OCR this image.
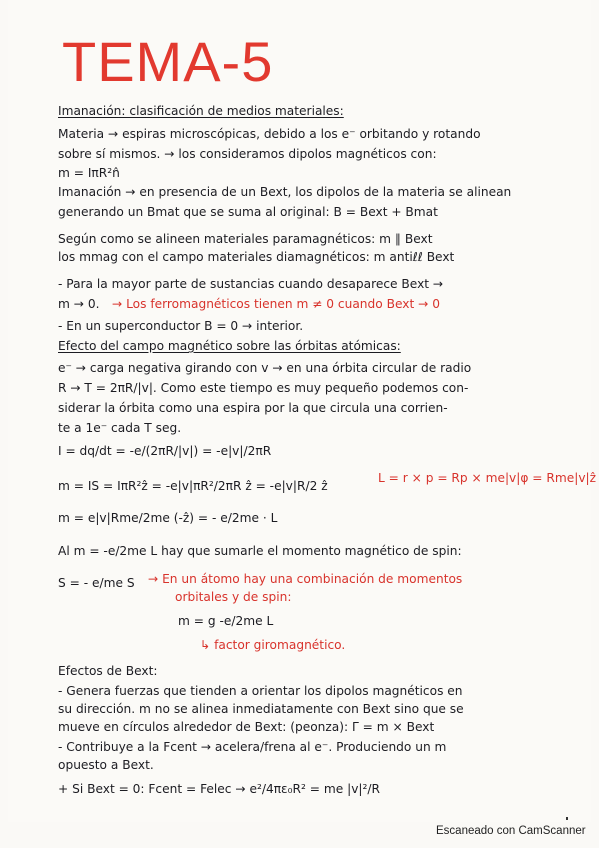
TEMA-5
Imanación: clasificación de medios materiales:
Materia → espiras microscópicas, debido a los e⁻ orbitando y rotando
sobre sí mismos. → los consideramos dipolos magnéticos con:
m = IπR²n̂
Imanación → en presencia de un Bext, los dipolos de la materia se alinean
generando un Bmat que se suma al original: B = Bext + Bmat
Según como se alineen materiales paramagnéticos: m ∥ Bext
los mmag con el campo materiales diamagnéticos: m antiℓℓ Bext
- Para la mayor parte de sustancias cuando desaparece Bext →
m → 0. → Los ferromagnéticos tienen m ≠ 0 cuando Bext → 0
- En un superconductor B = 0 → interior.
Efecto del campo magnético sobre las órbitas atómicas:
e⁻ → carga negativa girando con v → en una órbita circular de radio
R → T = 2πR/|v|. Como este tiempo es muy pequeño podemos con-
siderar la órbita como una espira por la que circula una corrien-
te a 1e⁻ cada T seg.
I = dq/dt = -e/(2πR/|v|) = -e|v|/2πR
m = IS = IπR²ẑ = -e|v|πR²/2πR ẑ = -e|v|R/2 ẑ
L = r × p = Rp × me|v|φ = Rme|v|ẑ
m = e|v|Rme/2me (-ẑ) = - e/2me · L
Al m = -e/2me L hay que sumarle el momento magnético de spin:
S = - e/me S → En un átomo hay una combinación de momentos
orbitales y de spin:
m = g -e/2me L
↳ factor giromagnético.
Efectos de Bext:
- Genera fuerzas que tienden a orientar los dipolos magnéticos en
su dirección. m no se alinea inmediatamente con Bext sino que se
mueve en círculos alrededor de Bext: (peonza): Γ = m × Bext
- Contribuye a la Fcent → acelera/frena al e⁻. Produciendo un m
opuesto a Bext.
+ Si Bext = 0: Fcent = Felec → e²/4πε₀R² = me |v|²/R
Escaneado con CamScanner
